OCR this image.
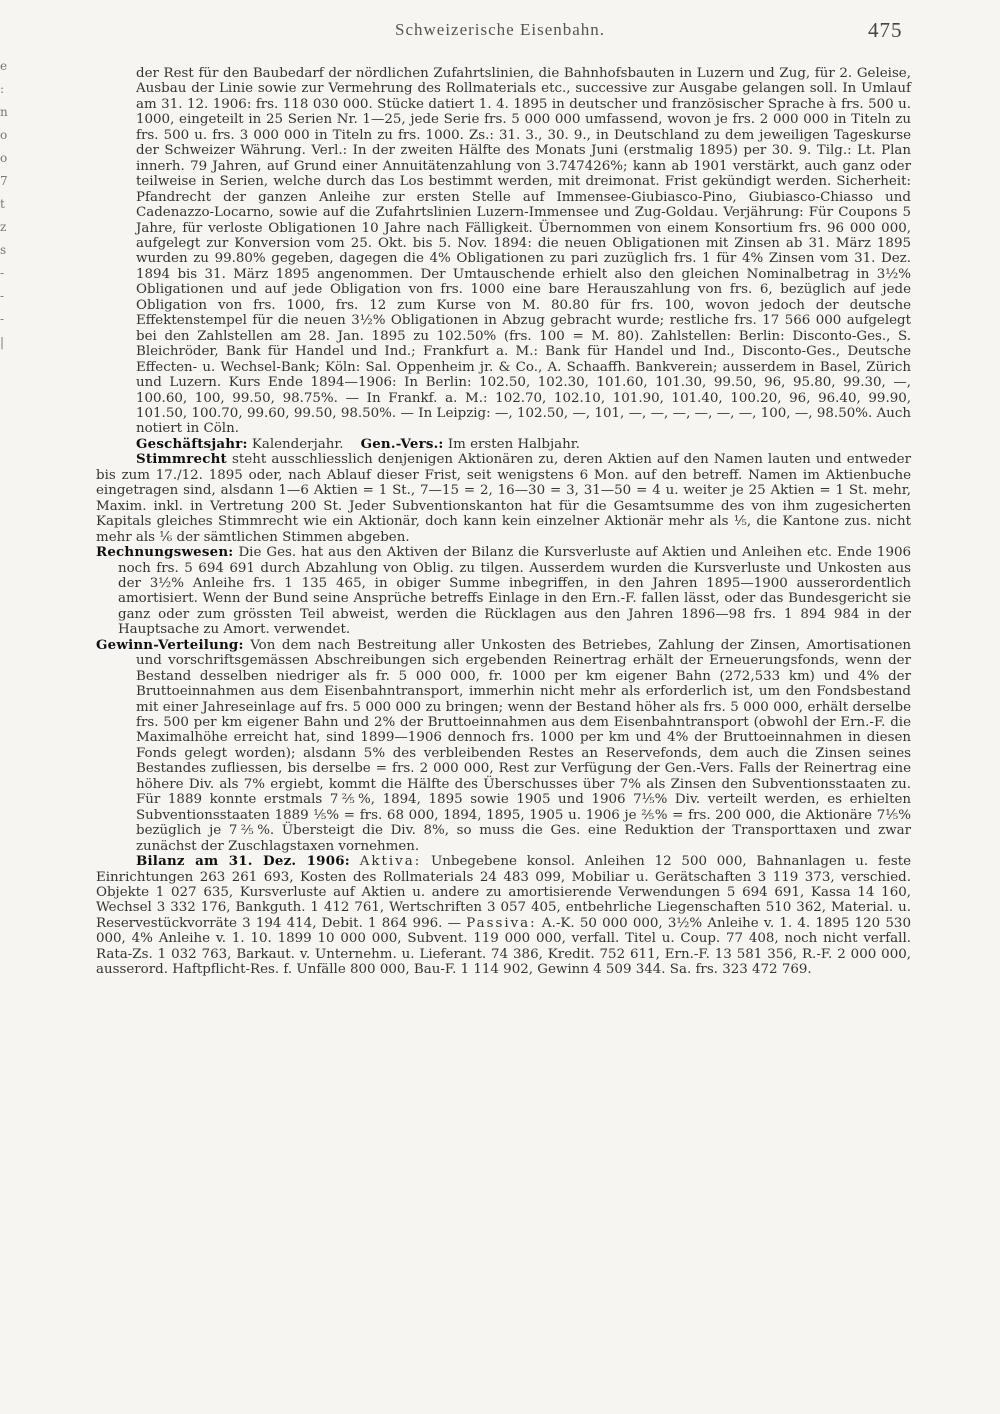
Schweizerische Eisenbahn.	475
e
:
n
o
o
7
t
z
s
-
-
-
|

der Rest für den Baubedarf der nördlichen Zufahrtslinien, die Bahnhofsbauten in Luzern und Zug, für 2. Geleise, Ausbau der Linie sowie zur Vermehrung des Rollmaterials etc., successive zur Ausgabe gelangen soll. In Umlauf am 31. 12. 1906: frs. 118 030 000. Stücke datiert 1. 4. 1895 in deutscher und französischer Sprache à frs. 500 u. 1000, eingeteilt in 25 Serien Nr. 1—25, jede Serie frs. 5 000 000 umfassend, wovon je frs. 2 000 000 in Titeln zu frs. 500 u. frs. 3 000 000 in Titeln zu frs. 1000. Zs.: 31. 3., 30. 9., in Deutschland zu dem jeweiligen Tageskurse der Schweizer Währung. Verl.: In der zweiten Hälfte des Monats Juni (erstmalig 1895) per 30. 9. Tilg.: Lt. Plan innerh. 79 Jahren, auf Grund einer Annuitätenzahlung von 3.747426%; kann ab 1901 verstärkt, auch ganz oder teilweise in Serien, welche durch das Los bestimmt werden, mit dreimonat. Frist gekündigt werden. Sicherheit: Pfandrecht der ganzen Anleihe zur ersten Stelle auf Immensee-Giubiasco-Pino, Giubiasco-Chiasso und Cadenazzo-Locarno, sowie auf die Zufahrtslinien Luzern-Immensee und Zug-Goldau. Verjährung: Für Coupons 5 Jahre, für verloste Obligationen 10 Jahre nach Fälligkeit. Übernommen von einem Konsortium frs. 96 000 000, aufgelegt zur Konversion vom 25. Okt. bis 5. Nov. 1894: die neuen Obligationen mit Zinsen ab 31. März 1895 wurden zu 99.80% gegeben, dagegen die 4% Obligationen zu pari zuzüglich frs. 1 für 4% Zinsen vom 31. Dez. 1894 bis 31. März 1895 angenommen. Der Umtauschende erhielt also den gleichen Nominalbetrag in 3½% Obligationen und auf jede Obligation von frs. 1000 eine bare Herauszahlung von frs. 6, bezüglich auf jede Obligation von frs. 1000, frs. 12 zum Kurse von M. 80.80 für frs. 100, wovon jedoch der deutsche Effektenstempel für die neuen 3½% Obligationen in Abzug gebracht wurde; restliche frs. 17 566 000 aufgelegt bei den Zahlstellen am 28. Jan. 1895 zu 102.50% (frs. 100 = M. 80). Zahlstellen: Berlin: Disconto-Ges., S. Bleichröder, Bank für Handel und Ind.; Frankfurt a. M.: Bank für Handel und Ind., Disconto-Ges., Deutsche Effecten- u. Wechsel-Bank; Köln: Sal. Oppenheim jr. & Co., A. Schaaffh. Bankverein; ausserdem in Basel, Zürich und Luzern. Kurs Ende 1894—1906: In Berlin: 102.50, 102.30, 101.60, 101.30, 99.50, 96, 95.80, 99.30, —, 100.60, 100, 99.50, 98.75%. — In Frankf. a. M.: 102.70, 102.10, 101.90, 101.40, 100.20, 96, 96.40, 99.90, 101.50, 100.70, 99.60, 99.50, 98.50%. — In Leipzig: —, 102.50, —, 101, —, —, —, —, —, —, 100, —, 98.50%. Auch notiert in Cöln.

Geschäftsjahr: Kalenderjahr. Gen.-Vers.: Im ersten Halbjahr.

Stimmrecht steht ausschliesslich denjenigen Aktionären zu, deren Aktien auf den Namen lauten und entweder bis zum 17./12. 1895 oder, nach Ablauf dieser Frist, seit wenigstens 6 Mon. auf den betreff. Namen im Aktienbuche eingetragen sind, alsdann 1—6 Aktien = 1 St., 7—15 = 2, 16—30 = 3, 31—50 = 4 u. weiter je 25 Aktien = 1 St. mehr, Maxim. inkl. in Vertretung 200 St. Jeder Subventionskanton hat für die Gesamtsumme des von ihm zugesicherten Kapitals gleiches Stimmrecht wie ein Aktionär, doch kann kein einzelner Aktionär mehr als ⅕, die Kantone zus. nicht mehr als ⅙ der sämtlichen Stimmen abgeben.

Rechnungswesen: Die Ges. hat aus den Aktiven der Bilanz die Kursverluste auf Aktien und Anleihen etc. Ende 1906 noch frs. 5 694 691 durch Abzahlung von Oblig. zu tilgen. Ausserdem wurden die Kursverluste und Unkosten aus der 3½% Anleihe frs. 1 135 465, in obiger Summe inbegriffen, in den Jahren 1895—1900 ausserordentlich amortisiert. Wenn der Bund seine Ansprüche betreffs Einlage in den Ern.-F. fallen lässt, oder das Bundesgericht sie ganz oder zum grössten Teil abweist, werden die Rücklagen aus den Jahren 1896—98 frs. 1 894 984 in der Hauptsache zu Amort. verwendet.

Gewinn-Verteilung: Von dem nach Bestreitung aller Unkosten des Betriebes, Zahlung der Zinsen, Amortisationen und vorschriftsgemässen Abschreibungen sich ergebenden Reinertrag erhält der Erneuerungsfonds, wenn der Bestand desselben niedriger als fr. 5 000 000, fr. 1000 per km eigener Bahn (272,533 km) und 4% der Bruttoeinnahmen aus dem Eisenbahntransport, immerhin nicht mehr als erforderlich ist, um den Fondsbestand mit einer Jahreseinlage auf frs. 5 000 000 zu bringen; wenn der Bestand höher als frs. 5 000 000, erhält derselbe frs. 500 per km eigener Bahn und 2% der Bruttoeinnahmen aus dem Eisenbahntransport (obwohl der Ern.-F. die Maximalhöhe erreicht hat, sind 1899—1906 dennoch frs. 1000 per km und 4% der Bruttoeinnahmen in diesen Fonds gelegt worden); alsdann 5% des verbleibenden Restes an Reservefonds, dem auch die Zinsen seines Bestandes zufliessen, bis derselbe = frs. 2 000 000, Rest zur Verfügung der Gen.-Vers. Falls der Reinertrag eine höhere Div. als 7% ergiebt, kommt die Hälfte des Überschusses über 7% als Zinsen den Subventionsstaaten zu. Für 1889 konnte erstmals 7⅖%, 1894, 1895 sowie 1905 und 1906 7⅕% Div. verteilt werden, es erhielten Subventionsstaaten 1889 ⅕% = frs. 68 000, 1894, 1895, 1905 u. 1906 je ⅖% = frs. 200 000, die Aktionäre 7⅕% bezüglich je 7⅖%. Übersteigt die Div. 8%, so muss die Ges. eine Reduktion der Transporttaxen und zwar zunächst der Zuschlagstaxen vornehmen.

Bilanz am 31. Dez. 1906: Aktiva: Unbegebene konsol. Anleihen 12 500 000, Bahnanlagen u. feste Einrichtungen 263 261 693, Kosten des Rollmaterials 24 483 099, Mobiliar u. Gerätschaften 3 119 373, verschied. Objekte 1 027 635, Kursverluste auf Aktien u. andere zu amortisierende Verwendungen 5 694 691, Kassa 14 160, Wechsel 3 332 176, Bankguth. 1 412 761, Wertschriften 3 057 405, entbehrliche Liegenschaften 510 362, Material. u. Reservestückvorräte 3 194 414, Debit. 1 864 996. — Passiva: A.-K. 50 000 000, 3½% Anleihe v. 1. 4. 1895 120 530 000, 4% Anleihe v. 1. 10. 1899 10 000 000, Subvent. 119 000 000, verfall. Titel u. Coup. 77 408, noch nicht verfall. Rata-Zs. 1 032 763, Barkaut. v. Unternehm. u. Lieferant. 74 386, Kredit. 752 611, Ern.-F. 13 581 356, R.-F. 2 000 000, ausserord. Haftpflicht-Res. f. Unfälle 800 000, Bau-F. 1 114 902, Gewinn 4 509 344. Sa. frs. 323 472 769.
